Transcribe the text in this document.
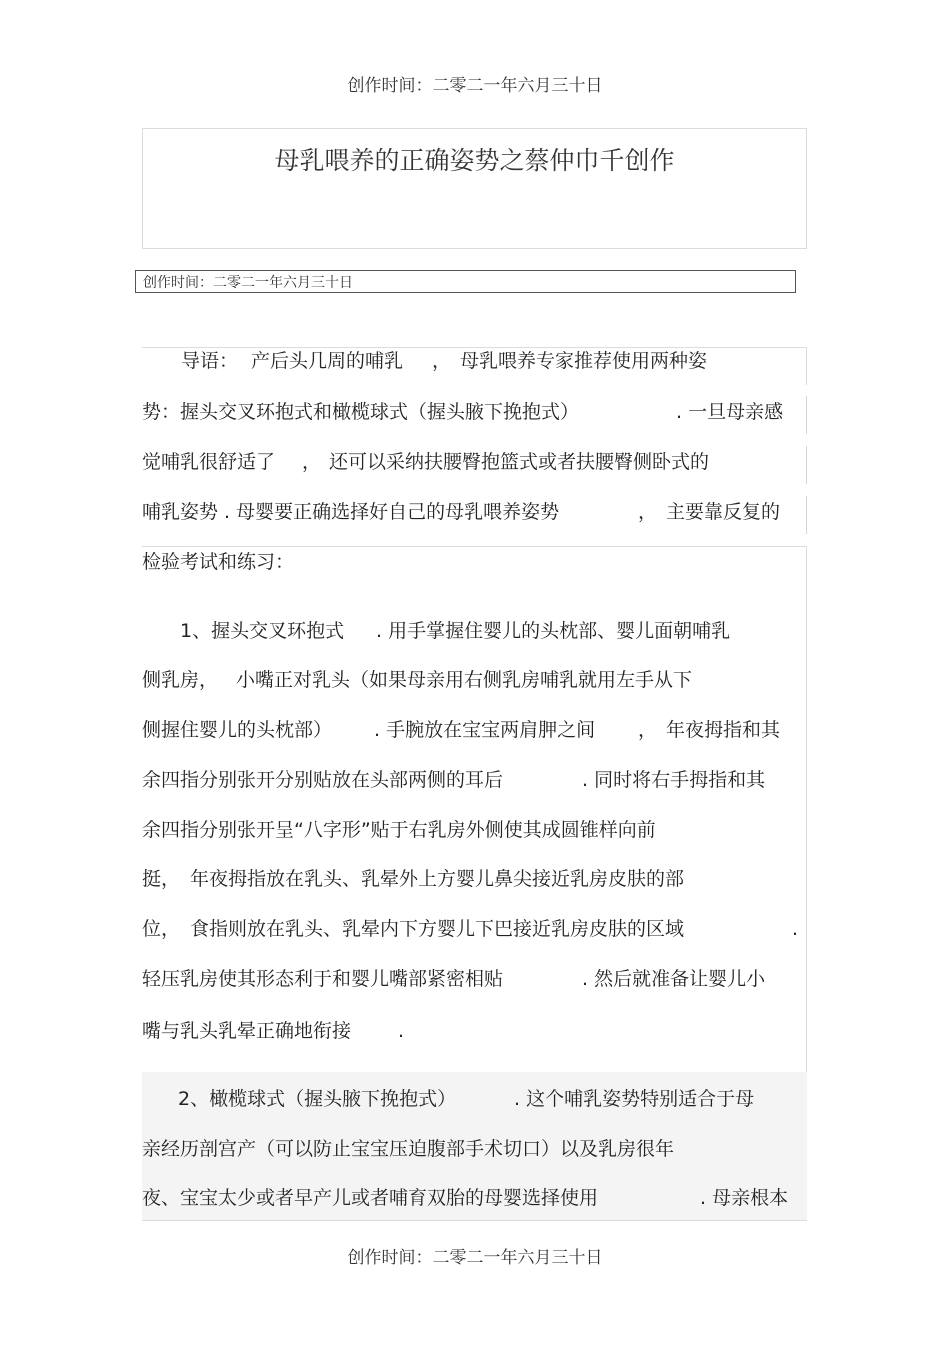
创作时间：二零二一年六月三十日
母乳喂养的正确姿势之蔡仲巾千创作
创作时间：二零二一年六月三十日
导语： 产后头几周的哺乳 ， 母乳喂养专家推荐使用两种姿
势：握头交叉环抱式和橄榄球式（握头腋下挽抱式）	. 一旦母亲感
觉哺乳很舒适了 ， 还可以采纳扶腰臀抱篮式或者扶腰臀侧卧式的
哺乳姿势 . 母婴要正确选择好自己的母乳喂养姿势	， 主要靠反复的
检验考试和练习：
1、握头交叉环抱式 . 用手掌握住婴儿的头枕部、婴儿面朝哺乳
侧乳房， 小嘴正对乳头（如果母亲用右侧乳房哺乳就用左手从下
侧握住婴儿的头枕部） . 手腕放在宝宝两肩胛之间 ， 年夜拇指和其
余四指分别张开分别贴放在头部两侧的耳后	. 同时将右手拇指和其
余四指分别张开呈“八字形”贴于右乳房外侧使其成圆锥样向前
挺， 年夜拇指放在乳头、乳晕外上方婴儿鼻尖接近乳房皮肤的部
位， 食指则放在乳头、乳晕内下方婴儿下巴接近乳房皮肤的区域	.
轻压乳房使其形态利于和婴儿嘴部紧密相贴	. 然后就准备让婴儿小
嘴与乳头乳晕正确地衔接 .
2、橄榄球式（握头腋下挽抱式）	. 这个哺乳姿势特别适合于母
亲经历剖宫产（可以防止宝宝压迫腹部手术切口）以及乳房很年
夜、宝宝太少或者早产儿或者哺育双胎的母婴选择使用	. 母亲根本
创作时间：二零二一年六月三十日
